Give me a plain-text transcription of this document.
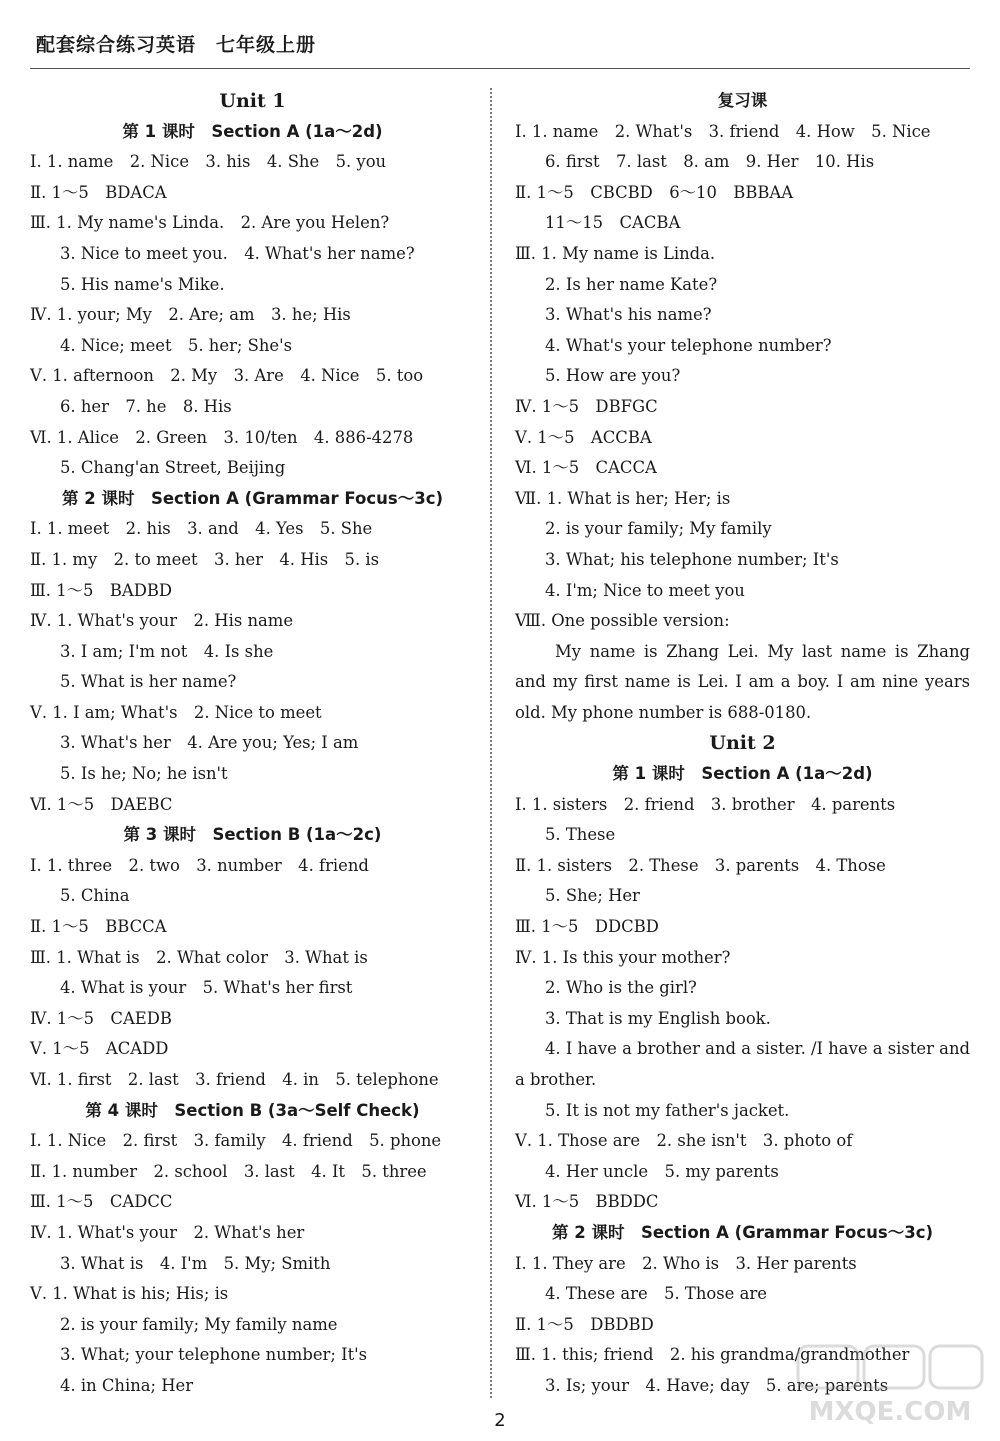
配套综合练习英语　七年级上册
Unit 1
第 1 课时　Section A (1a～2d)
Ⅰ. 1. name　2. Nice　3. his　4. She　5. you
Ⅱ. 1～5　BDACA
Ⅲ. 1. My name's Linda.　2. Are you Helen?
3. Nice to meet you.　4. What's her name?
5. His name's Mike.
Ⅳ. 1. your; My　2. Are; am　3. he; His
4. Nice; meet　5. her; She's
Ⅴ. 1. afternoon　2. My　3. Are　4. Nice　5. too
6. her　7. he　8. His
Ⅵ. 1. Alice　2. Green　3. 10/ten　4. 886-4278
5. Chang'an Street, Beijing
第 2 课时　Section A (Grammar Focus～3c)
Ⅰ. 1. meet　2. his　3. and　4. Yes　5. She
Ⅱ. 1. my　2. to meet　3. her　4. His　5. is
Ⅲ. 1～5　BADBD
Ⅳ. 1. What's your　2. His name
3. I am; I'm not　4. Is she
5. What is her name?
Ⅴ. 1. I am; What's　2. Nice to meet
3. What's her　4. Are you; Yes; I am
5. Is he; No; he isn't
Ⅵ. 1～5　DAEBC
第 3 课时　Section B (1a～2c)
Ⅰ. 1. three　2. two　3. number　4. friend
5. China
Ⅱ. 1～5　BBCCA
Ⅲ. 1. What is　2. What color　3. What is
4. What is your　5. What's her first
Ⅳ. 1～5　CAEDB
Ⅴ. 1～5　ACADD
Ⅵ. 1. first　2. last　3. friend　4. in　5. telephone
第 4 课时　Section B (3a～Self Check)
Ⅰ. 1. Nice　2. first　3. family　4. friend　5. phone
Ⅱ. 1. number　2. school　3. last　4. It　5. three
Ⅲ. 1～5　CADCC
Ⅳ. 1. What's your　2. What's her
3. What is　4. I'm　5. My; Smith
Ⅴ. 1. What is his; His; is
2. is your family; My family name
3. What; your telephone number; It's
4. in China; Her
复习课
Ⅰ. 1. name　2. What's　3. friend　4. How　5. Nice
6. first　7. last　8. am　9. Her　10. His
Ⅱ. 1～5　CBCBD　6～10　BBBAA
11～15　CACBA
Ⅲ. 1. My name is Linda.
2. Is her name Kate?
3. What's his name?
4. What's your telephone number?
5. How are you?
Ⅳ. 1～5　DBFGC
Ⅴ. 1～5　ACCBA
Ⅵ. 1～5　CACCA
Ⅶ. 1. What is her; Her; is
2. is your family; My family
3. What; his telephone number; It's
4. I'm; Nice to meet you
Ⅷ. One possible version:
My name is Zhang Lei. My last name is Zhang and my first name is Lei. I am a boy. I am nine years old. My phone number is 688-0180.
Unit 2
第 1 课时　Section A (1a～2d)
Ⅰ. 1. sisters　2. friend　3. brother　4. parents
5. These
Ⅱ. 1. sisters　2. These　3. parents　4. Those
5. She; Her
Ⅲ. 1～5　DDCBD
Ⅳ. 1. Is this your mother?
2. Who is the girl?
3. That is my English book.
4. I have a brother and a sister. /I have a sister and a brother.
5. It is not my father's jacket.
Ⅴ. 1. Those are　2. she isn't　3. photo of
4. Her uncle　5. my parents
Ⅵ. 1～5　BBDDC
第 2 课时　Section A (Grammar Focus～3c)
Ⅰ. 1. They are　2. Who is　3. Her parents
4. These are　5. Those are
Ⅱ. 1～5　DBDBD
Ⅲ. 1. this; friend　2. his grandma/grandmother
3. Is; your　4. Have; day　5. are; parents
2	MXQE.COM
